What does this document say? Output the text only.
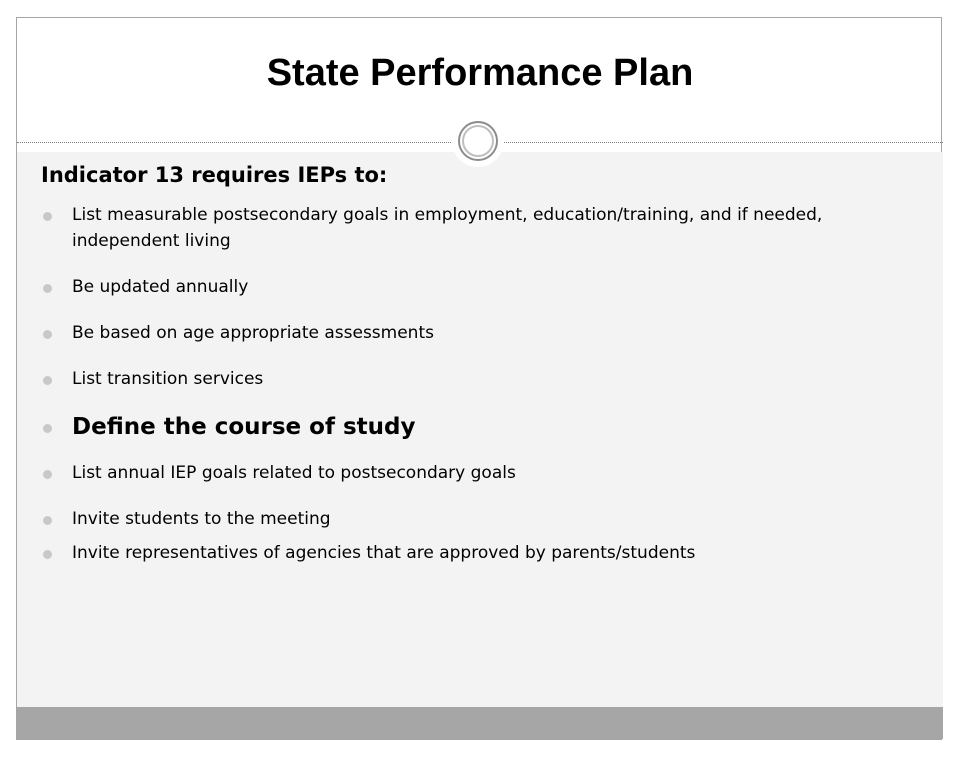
State Performance Plan

Indicator 13 requires IEPs to:

List measurable postsecondary goals in employment, education/training, and if needed, independent living
Be updated annually
Be based on age appropriate assessments
List transition services
Define the course of study
List annual IEP goals related to postsecondary goals
Invite students to the meeting
Invite representatives of agencies that are approved by parents/students
